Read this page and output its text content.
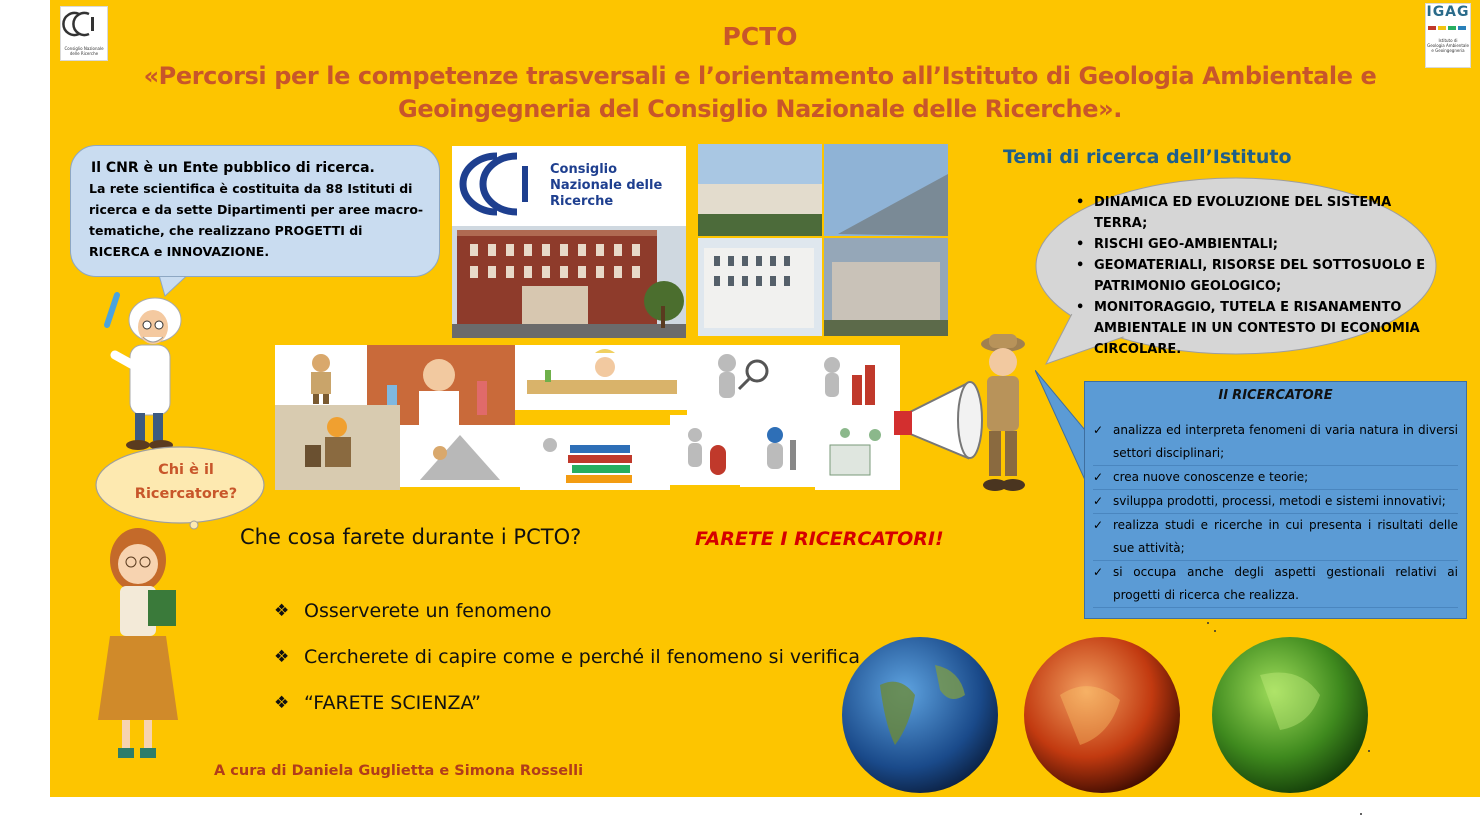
Consiglio Nazionale
delle Ricerche
IGAG
Istituto di
Geologia Ambientale
e Geoingegneria
PCTO
«Percorsi per le competenze trasversali e l’orientamento all’Istituto di Geologia Ambientale e
Geoingegneria del Consiglio Nazionale delle Ricerche».
Il CNR è un Ente pubblico di ricerca.
La rete scientifica è costituita da 88 Istituti di ricerca e da sette Dipartimenti per aree macro-tematiche, che realizzano PROGETTI di RICERCA e INNOVAZIONE.
Consiglio
Nazionale delle
Ricerche
Temi di ricerca dell’Istituto
• DINAMICA ED EVOLUZIONE DEL SISTEMA TERRA;
• RISCHI GEO-AMBIENTALI;
• GEOMATERIALI, RISORSE DEL SOTTOSUOLO E PATRIMONIO GEOLOGICO;
• MONITORAGGIO, TUTELA E RISANAMENTO AMBIENTALE IN UN CONTESTO DI ECONOMIA CIRCOLARE.
Il RICERCATORE
✓ analizza ed interpreta fenomeni di varia natura in diversi settori disciplinari;
✓ crea nuove conoscenze e teorie;
✓ sviluppa prodotti, processi, metodi e sistemi innovativi;
✓ realizza studi e ricerche in cui presenta i risultati delle sue attività;
✓ si occupa anche degli aspetti gestionali relativi ai progetti di ricerca che realizza.
Chi è il
Ricercatore?
Che cosa farete durante i PCTO?	FARETE I RICERCATORI!
❖ Osserverete un fenomeno
❖ Cercherete di capire come e perché il fenomeno si verifica
❖ “FARETE SCIENZA”
A cura di Daniela Guglietta e Simona Rosselli
